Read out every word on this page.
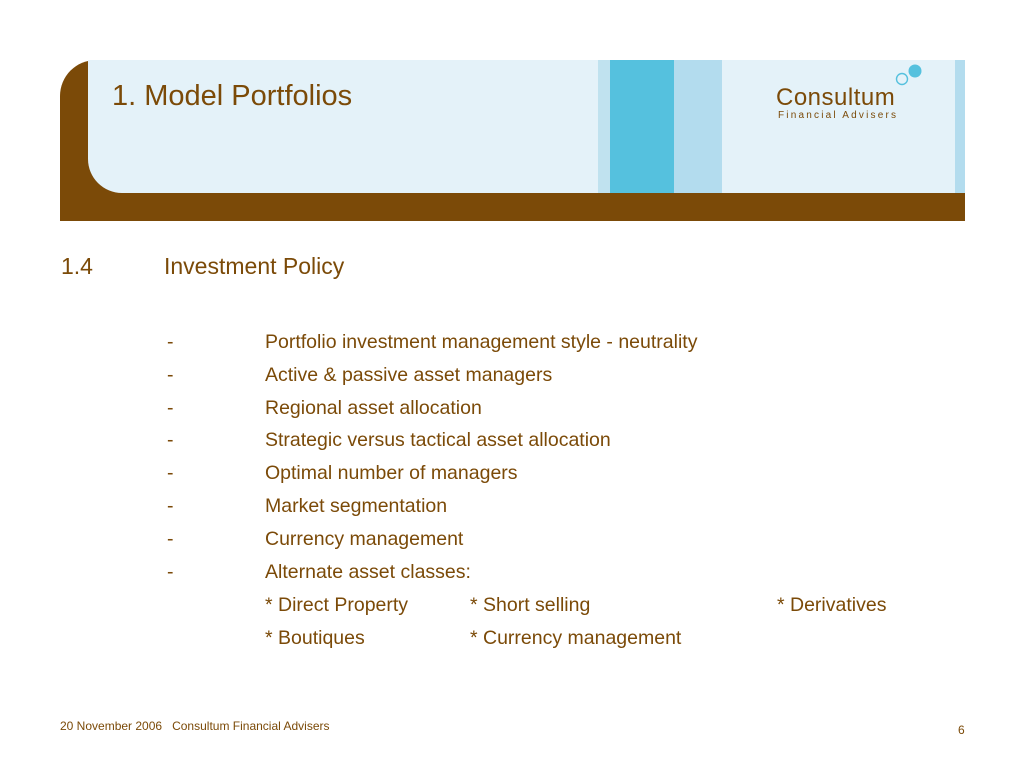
1. Model Portfolios	Consultum
Financial Advisers
1.4	Investment Policy
-	Portfolio investment management style - neutrality
-	Active & passive asset managers
-	Regional asset allocation
-	Strategic versus tactical asset allocation
-	Optimal number of managers
-	Market segmentation
-	Currency management
-	Alternate asset classes:
* Direct Property	* Short selling	* Derivatives
* Boutiques	* Currency management
20 November 2006 Consultum Financial Advisers	6
